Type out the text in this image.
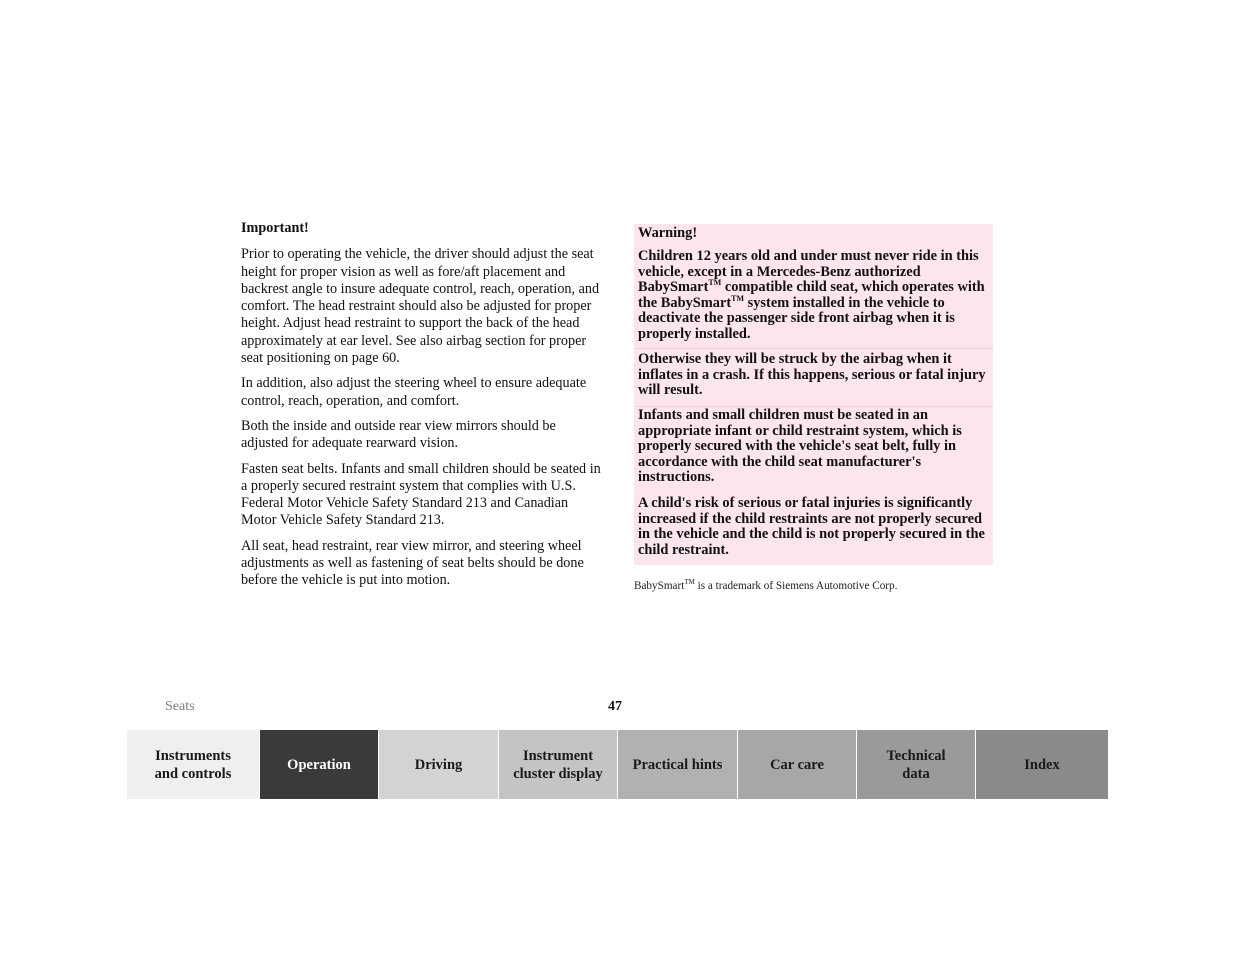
Important!

Prior to operating the vehicle, the driver should adjust the seat height for proper vision as well as fore/aft placement and backrest angle to insure adequate control, reach, operation, and comfort. The head restraint should also be adjusted for proper height. Adjust head restraint to support the back of the head approximately at ear level. See also airbag section for proper seat positioning on page 60.

In addition, also adjust the steering wheel to ensure adequate control, reach, operation, and comfort.

Both the inside and outside rear view mirrors should be adjusted for adequate rearward vision.

Fasten seat belts. Infants and small children should be seated in a properly secured restraint system that complies with U.S. Federal Motor Vehicle Safety Standard 213 and Canadian Motor Vehicle Safety Standard 213.

All seat, head restraint, rear view mirror, and steering wheel adjustments as well as fastening of seat belts should be done before the vehicle is put into motion.

Warning!

Children 12 years old and under must never ride in this vehicle, except in a Mercedes-Benz authorized BabySmart™ compatible child seat, which operates with the BabySmart™ system installed in the vehicle to deactivate the passenger side front airbag when it is properly installed.

Otherwise they will be struck by the airbag when it inflates in a crash. If this happens, serious or fatal injury will result.

Infants and small children must be seated in an appropriate infant or child restraint system, which is properly secured with the vehicle's seat belt, fully in accordance with the child seat manufacturer's instructions.

A child's risk of serious or fatal injuries is significantly increased if the child restraints are not properly secured in the vehicle and the child is not properly secured in the child restraint.

BabySmart™ is a trademark of Siemens Automotive Corp.
Seats	47
Instruments
and controls
Operation	Driving
Instrument
cluster display
Practical hints	Car care
Technical
data
Index
